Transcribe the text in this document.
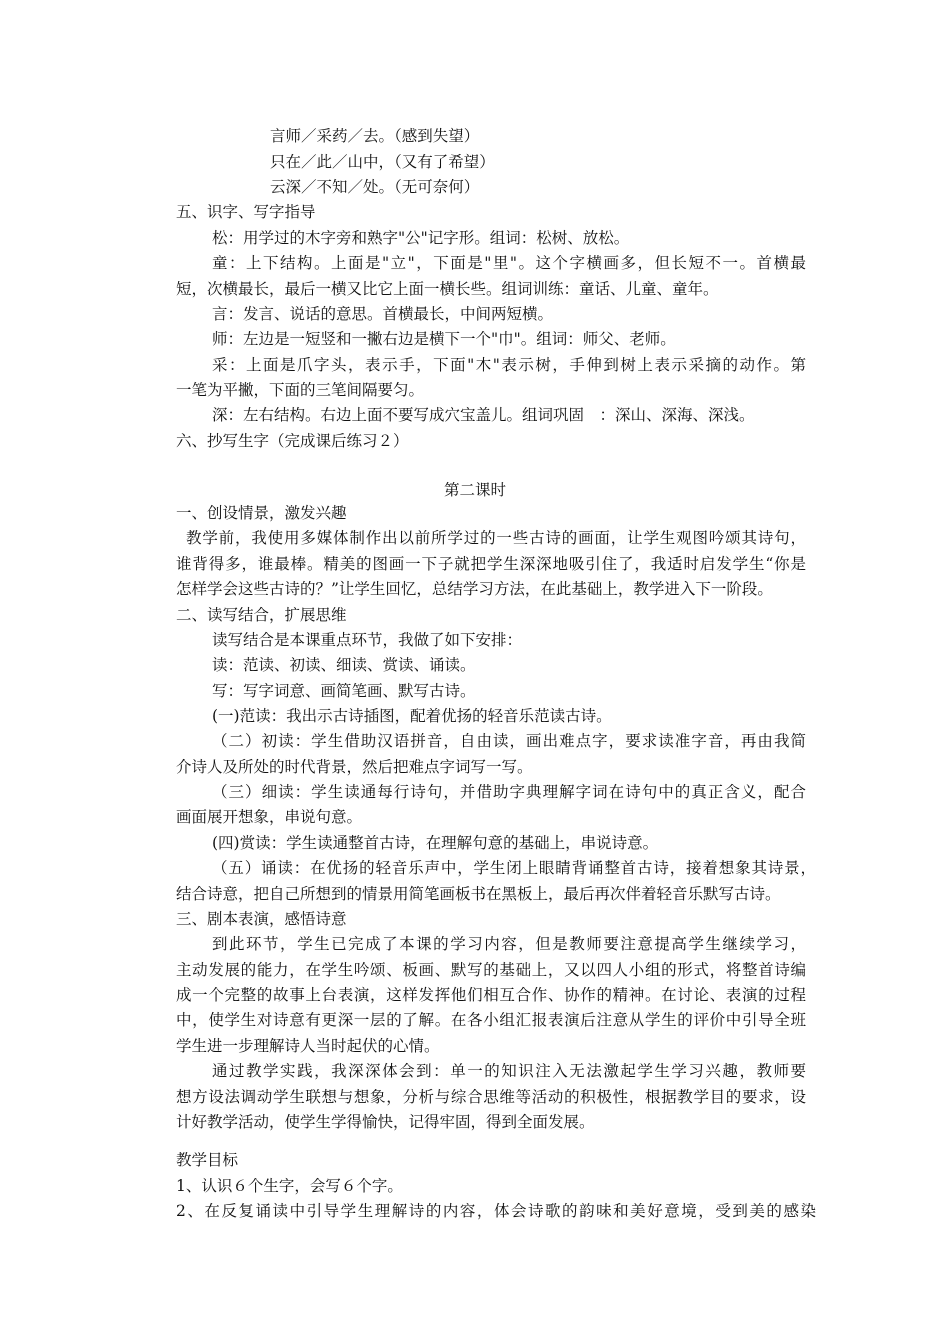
言师／采药／去。（感到失望）
只在／此／山中，（又有了希望）
云深／不知／处。（无可奈何）
五、识字、写字指导
松：用学过的木字旁和熟字"公"记字形。组词：松树、放松。
童：上下结构。上面是"立"，下面是"里"。这个字横画多，但长短不一。首横最
短，次横最长，最后一横又比它上面一横长些。组词训练：童话、儿童、童年。
言：发言、说话的意思。首横最长，中间两短横。
师：左边是一短竖和一撇右边是横下一个"巾"。组词：师父、老师。
采：上面是爪字头，表示手，下面"木"表示树，手伸到树上表示采摘的动作。第
一笔为平撇，下面的三笔间隔要匀。
深：左右结构。右边上面不要写成穴宝盖儿。组词巩固　：深山、深海、深浅。
六、抄写生字（完成课后练习２）
第二课时
一、创设情景，激发兴趣
教学前，我使用多媒体制作出以前所学过的一些古诗的画面，让学生观图吟颂其诗句，
谁背得多，谁最棒。精美的图画一下子就把学生深深地吸引住了，我适时启发学生“你是
怎样学会这些古诗的？”让学生回忆，总结学习方法，在此基础上，教学进入下一阶段。
二、读写结合，扩展思维
读写结合是本课重点环节，我做了如下安排：
读：范读、初读、细读、赏读、诵读。
写：写字词意、画简笔画、默写古诗。
(一)范读：我出示古诗插图，配着优扬的轻音乐范读古诗。
（二）初读：学生借助汉语拼音，自由读，画出难点字，要求读准字音，再由我简
介诗人及所处的时代背景，然后把难点字词写一写。
（三）细读：学生读通每行诗句，并借助字典理解字词在诗句中的真正含义，配合
画面展开想象，串说句意。
(四)赏读：学生读通整首古诗，在理解句意的基础上，串说诗意。
（五）诵读：在优扬的轻音乐声中，学生闭上眼睛背诵整首古诗，接着想象其诗景，
结合诗意，把自己所想到的情景用简笔画板书在黑板上，最后再次伴着轻音乐默写古诗。
三、剧本表演，感悟诗意
到此环节，学生已完成了本课的学习内容，但是教师要注意提高学生继续学习，
主动发展的能力，在学生吟颂、板画、默写的基础上，又以四人小组的形式，将整首诗编
成一个完整的故事上台表演，这样发挥他们相互合作、协作的精神。在讨论、表演的过程
中，使学生对诗意有更深一层的了解。在各小组汇报表演后注意从学生的评价中引导全班
学生进一步理解诗人当时起伏的心情。
通过教学实践，我深深体会到：单一的知识注入无法激起学生学习兴趣，教师要
想方设法调动学生联想与想象，分析与综合思维等活动的积极性，根据教学目的要求，设
计好教学活动，使学生学得愉快，记得牢固，得到全面发展。
教学目标
1、认识６个生字，会写６个字。
2、在反复诵读中引导学生理解诗的内容，体会诗歌的韵味和美好意境，受到美的感染
